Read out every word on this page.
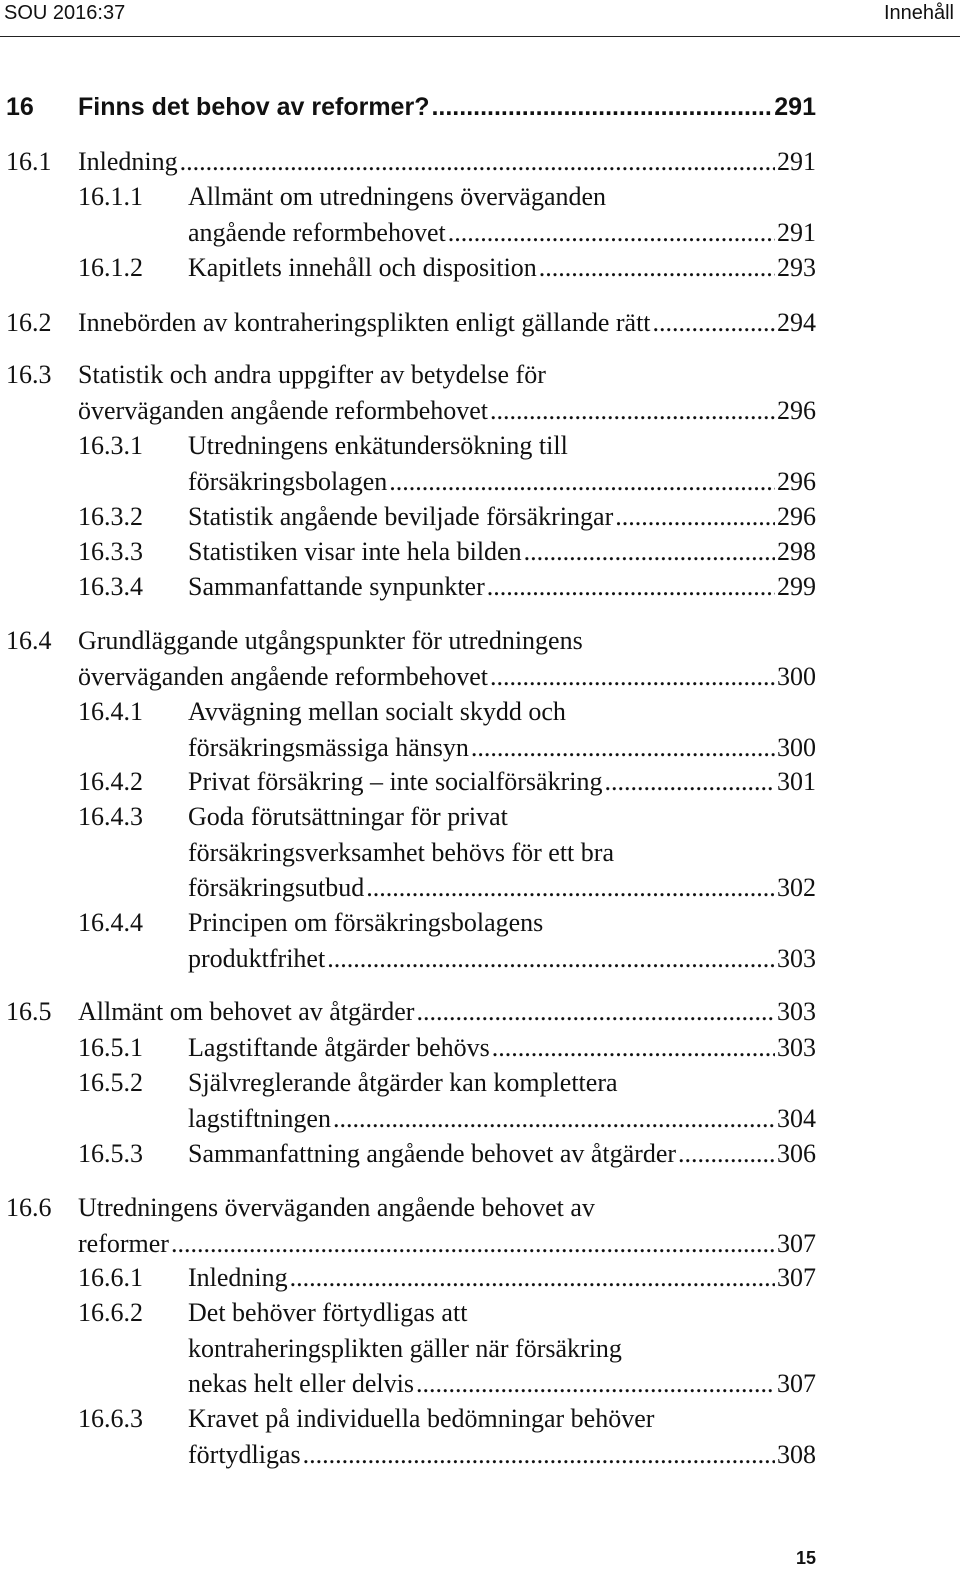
SOU 2016:37	Innehåll
16 Finns det behov av reformer? .....	291
16.1 Inledning .....	291
16.1.1 Allmänt om utredningens överväganden
angående reformbehovet .....	291
16.1.2 Kapitlets innehåll och disposition .....	293
16.2 Innebörden av kontraheringsplikten enligt gällande rätt .....	294
16.3 Statistik och andra uppgifter av betydelse för
överväganden angående reformbehovet .....	296
16.3.1 Utredningens enkätundersökning till
försäkringsbolagen .....	296
16.3.2 Statistik angående beviljade försäkringar .....	296
16.3.3 Statistiken visar inte hela bilden .....	298
16.3.4 Sammanfattande synpunkter .....	299
16.4 Grundläggande utgångspunkter för utredningens
överväganden angående reformbehovet .....	300
16.4.1 Avvägning mellan socialt skydd och
försäkringsmässiga hänsyn .....	300
16.4.2 Privat försäkring – inte socialförsäkring .....	301
16.4.3 Goda förutsättningar för privat
försäkringsverksamhet behövs för ett bra
försäkringsutbud .....	302
16.4.4 Principen om försäkringsbolagens
produktfrihet .....	303
16.5 Allmänt om behovet av åtgärder .....	303
16.5.1 Lagstiftande åtgärder behövs .....	303
16.5.2 Självreglerande åtgärder kan komplettera
lagstiftningen .....	304
16.5.3 Sammanfattning angående behovet av åtgärder .....	306
16.6 Utredningens överväganden angående behovet av
reformer .....	307
16.6.1 Inledning .....	307
16.6.2 Det behöver förtydligas att
kontraheringsplikten gäller när försäkring
nekas helt eller delvis .....	307
16.6.3 Kravet på individuella bedömningar behöver
förtydligas .....	308
15
